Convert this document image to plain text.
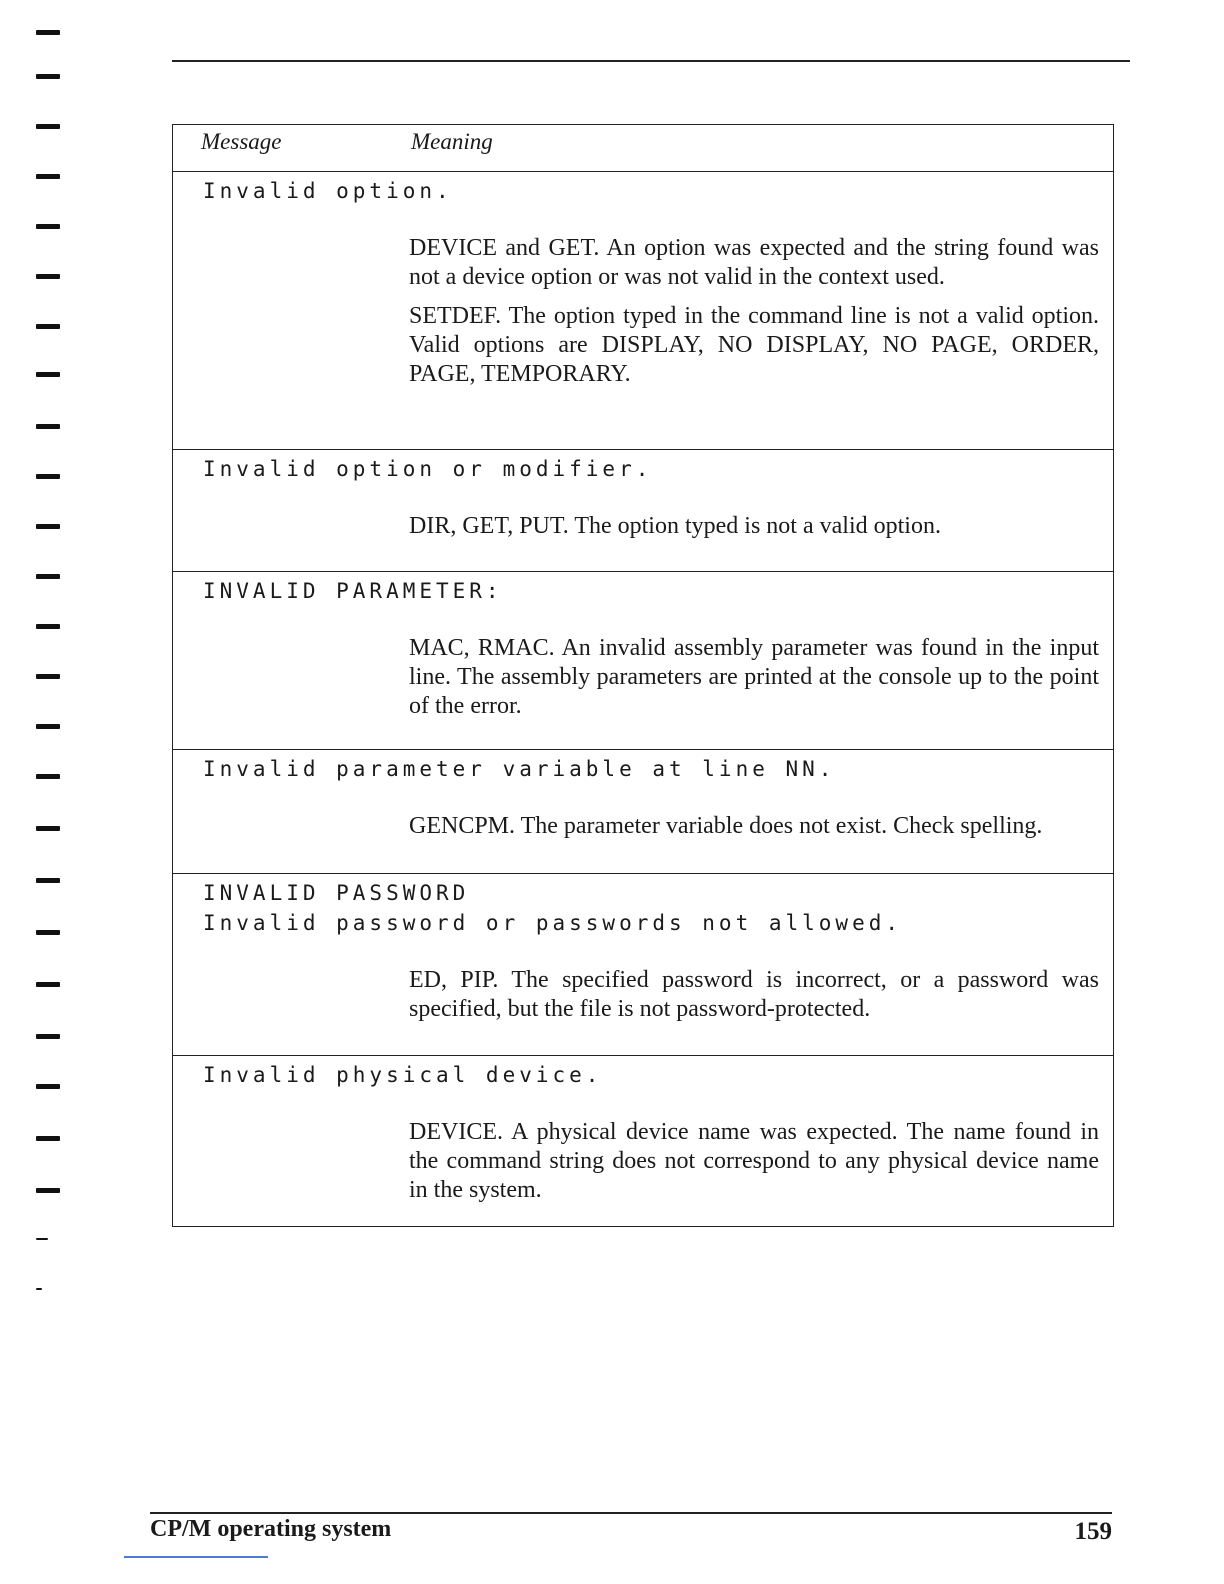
Message	Meaning
Invalid option.

DEVICE and GET. An option was expected and the string found was not a device option or was not valid in the context used.

SETDEF. The option typed in the command line is not a valid option. Valid options are DISPLAY, NO DISPLAY, NO PAGE, ORDER, PAGE, TEMPORARY.

Invalid option or modifier.

DIR, GET, PUT. The option typed is not a valid option.

INVALID PARAMETER:

MAC, RMAC. An invalid assembly parameter was found in the input line. The assembly parameters are printed at the console up to the point of the error.

Invalid parameter variable at line NN.

GENCPM. The parameter variable does not exist. Check spelling.

INVALID PASSWORD
Invalid password or passwords not allowed.

ED, PIP. The specified password is incorrect, or a password was specified, but the file is not password-protected.

Invalid physical device.

DEVICE. A physical device name was expected. The name found in the command string does not correspond to any physical device name in the system.

CP/M operating system	159
